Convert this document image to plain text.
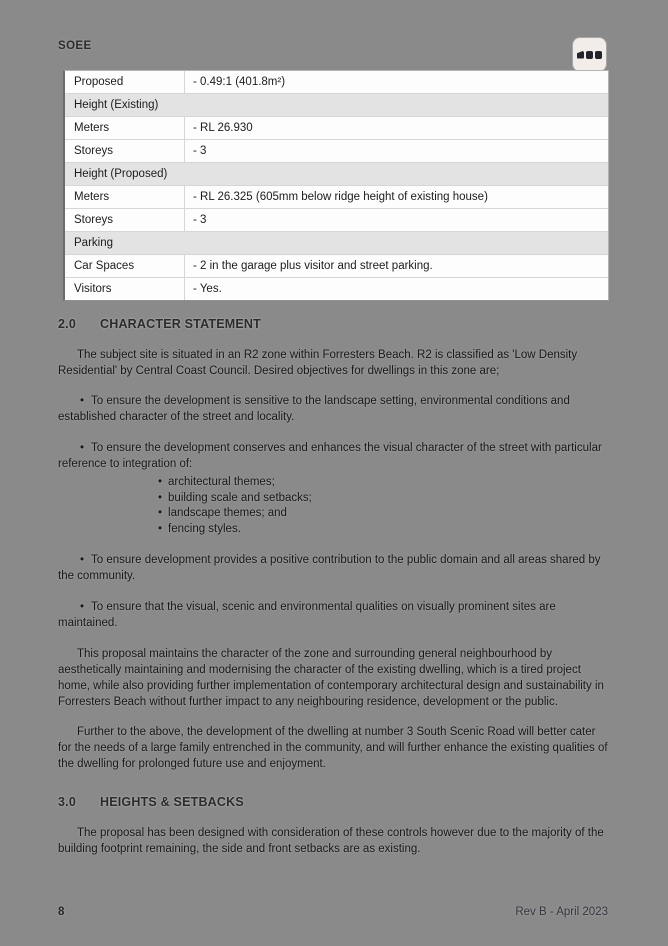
SOEE
Proposed	- 0.49:1 (401.8m²)
Height (Existing)
Meters	- RL 26.930
Storeys	- 3
Height (Proposed)
Meters	- RL 26.325 (605mm below ridge height of existing house)
Storeys	- 3
Parking
Car Spaces	- 2 in the garage plus visitor and street parking.
Visitors	- Yes.
2.0	CHARACTER STATEMENT
The subject site is situated in an R2 zone within Forresters Beach. R2 is classified as 'Low Density Residential' by Central Coast Council. Desired objectives for dwellings in this zone are;
• To ensure the development is sensitive to the landscape setting, environmental conditions and established character of the street and locality.
• To ensure the development conserves and enhances the visual character of the street with particular reference to integration of:
• architectural themes;
• building scale and setbacks;
• landscape themes; and
• fencing styles.
• To ensure development provides a positive contribution to the public domain and all areas shared by the community.
• To ensure that the visual, scenic and environmental qualities on visually prominent sites are maintained.
This proposal maintains the character of the zone and surrounding general neighbourhood by aesthetically maintaining and modernising the character of the existing dwelling, which is a tired project home, while also providing further implementation of contemporary architectural design and sustainability in Forresters Beach without further impact to any neighbouring residence, development or the public.
Further to the above, the development of the dwelling at number 3 South Scenic Road will better cater for the needs of a large family entrenched in the community, and will further enhance the existing qualities of the dwelling for prolonged future use and enjoyment.
3.0	HEIGHTS & SETBACKS
The proposal has been designed with consideration of these controls however due to the majority of the building footprint remaining, the side and front setbacks are as existing.
8	Rev B - April 2023
